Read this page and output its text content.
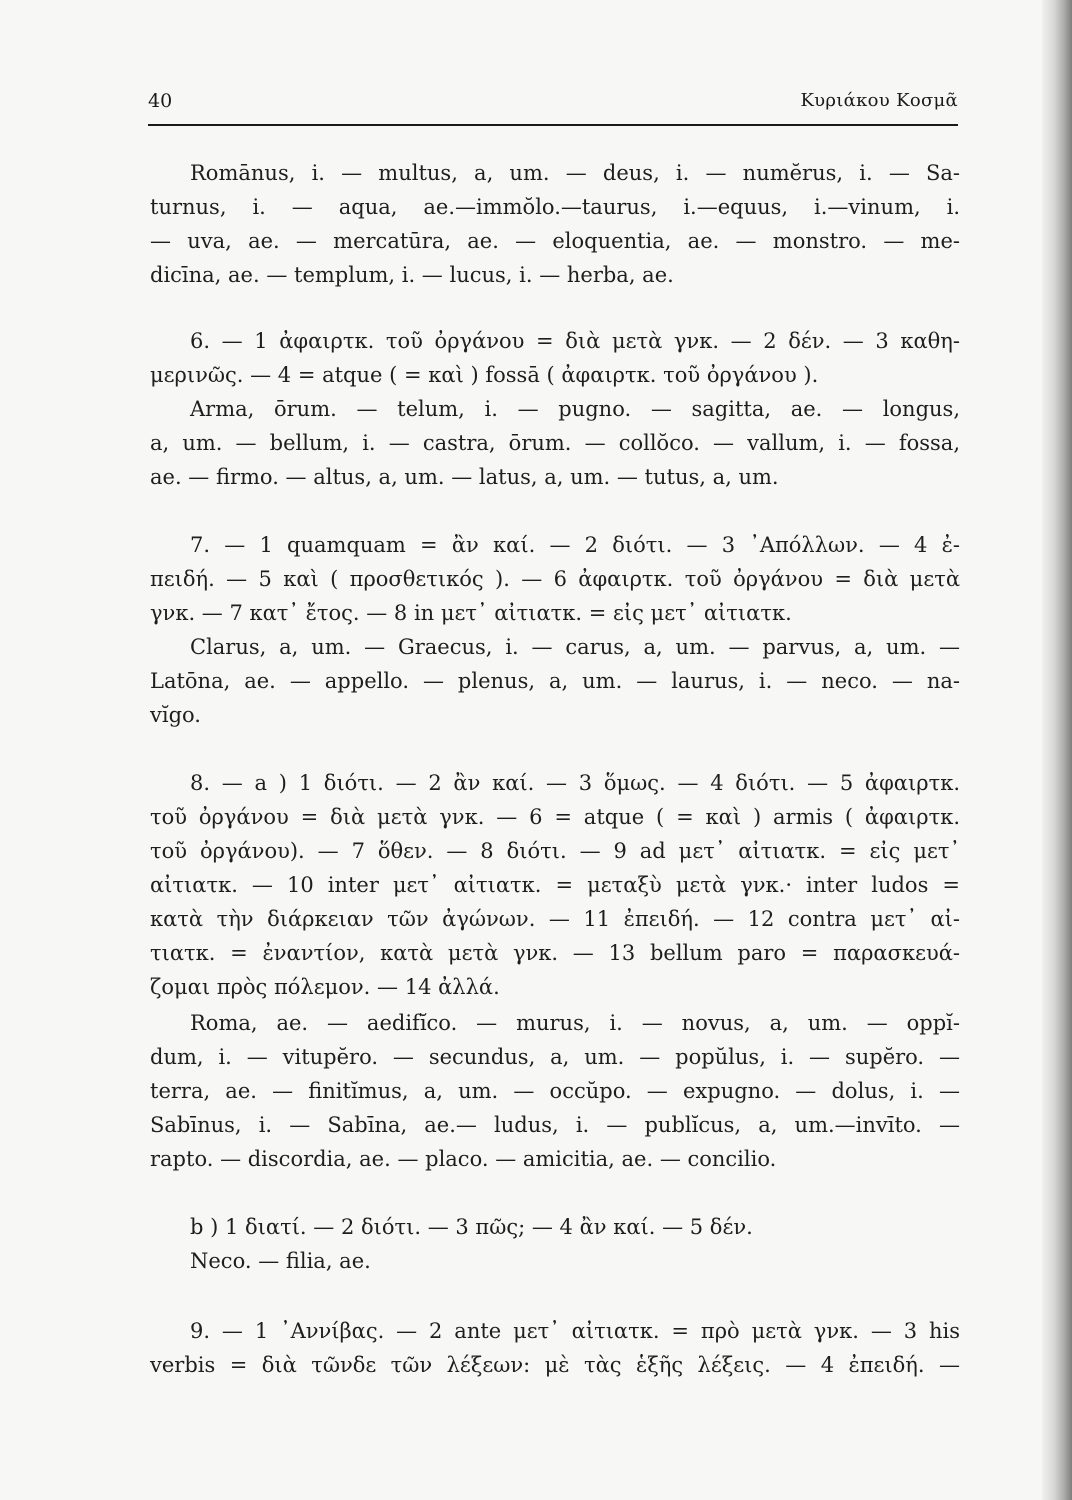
40	Κυριάκου Κοσμᾶ
Romānus, i. — multus, a, um. — deus, i. — numĕrus, i. — Sa-
turnus, i. — aqua, ae.—immŏlo.—taurus, i.—equus, i.—vinum, i.
— uva, ae. — mercatūra, ae. — eloquentia, ae. — monstro. — me-
dicīna, ae. — templum, i. — lucus, i. — herba, ae.
6. — 1 ἀφαιρτκ. τοῦ ὀργάνου = διὰ μετὰ γνκ. — 2 δέν. — 3 καθη-
μερινῶς. — 4 = atque ( = καὶ ) fossā ( ἀφαιρτκ. τοῦ ὀργάνου ).
Arma, ōrum. — telum, i. — pugno. — sagitta, ae. — longus,
a, um. — bellum, i. — castra, ōrum. — collŏco. — vallum, i. — fossa,
ae. — firmo. — altus, a, um. — latus, a, um. — tutus, a, um.
7. — 1 quamquam = ἂν καί. — 2 διότι. — 3 ᾿Απόλλων. — 4 ἐ-
πειδή. — 5 καὶ ( προσθετικός ). — 6 ἀφαιρτκ. τοῦ ὀργάνου = διὰ μετὰ
γνκ. — 7 κατ᾿ ἔτος. — 8 in μετ᾿ αἰτιατκ. = εἰς μετ᾿ αἰτιατκ.
Clarus, a, um. — Graecus, i. — carus, a, um. — parvus, a, um. —
Latōna, ae. — appello. — plenus, a, um. — laurus, i. — neco. — na-
vĭgo.
8. — a ) 1 διότι. — 2 ἂν καί. — 3 ὅμως. — 4 διότι. — 5 ἀφαιρτκ.
τοῦ ὀργάνου = διὰ μετὰ γνκ. — 6 = atque ( = καὶ ) armis ( ἀφαιρτκ.
τοῦ ὀργάνου). — 7 ὅθεν. — 8 διότι. — 9 ad μετ᾿ αἰτιατκ. = εἰς μετ᾿
αἰτιατκ. — 10 inter μετ᾿ αἰτιατκ. = μεταξὺ μετὰ γνκ.· inter ludos =
κατὰ τὴν διάρκειαν τῶν ἀγώνων. — 11 ἐπειδή. — 12 contra μετ᾿ αἰ-
τιατκ. = ἐναντίον, κατὰ μετὰ γνκ. — 13 bellum paro = παρασκευά-
ζομαι πρὸς πόλεμον. — 14 ἀλλά.
Roma, ae. — aedifĭco. — murus, i. — novus, a, um. — oppĭ-
dum, i. — vitupĕro. — secundus, a, um. — popŭlus, i. — supĕro. —
terra, ae. — finitĭmus, a, um. — occŭpo. — expugno. — dolus, i. —
Sabīnus, i. — Sabīna, ae.— ludus, i. — publĭcus, a, um.—invīto. —
rapto. — discordia, ae. — placo. — amicitia, ae. — concilio.
b ) 1 διατί. — 2 διότι. — 3 πῶς; — 4 ἂν καί. — 5 δέν.
Neco. — filia, ae.
9. — 1 ᾿Αννίβας. — 2 ante μετ᾿ αἰτιατκ. = πρὸ μετὰ γνκ. — 3 his
verbis = διὰ τῶνδε τῶν λέξεων: μὲ τὰς ἑξῆς λέξεις. — 4 ἐπειδή. —
